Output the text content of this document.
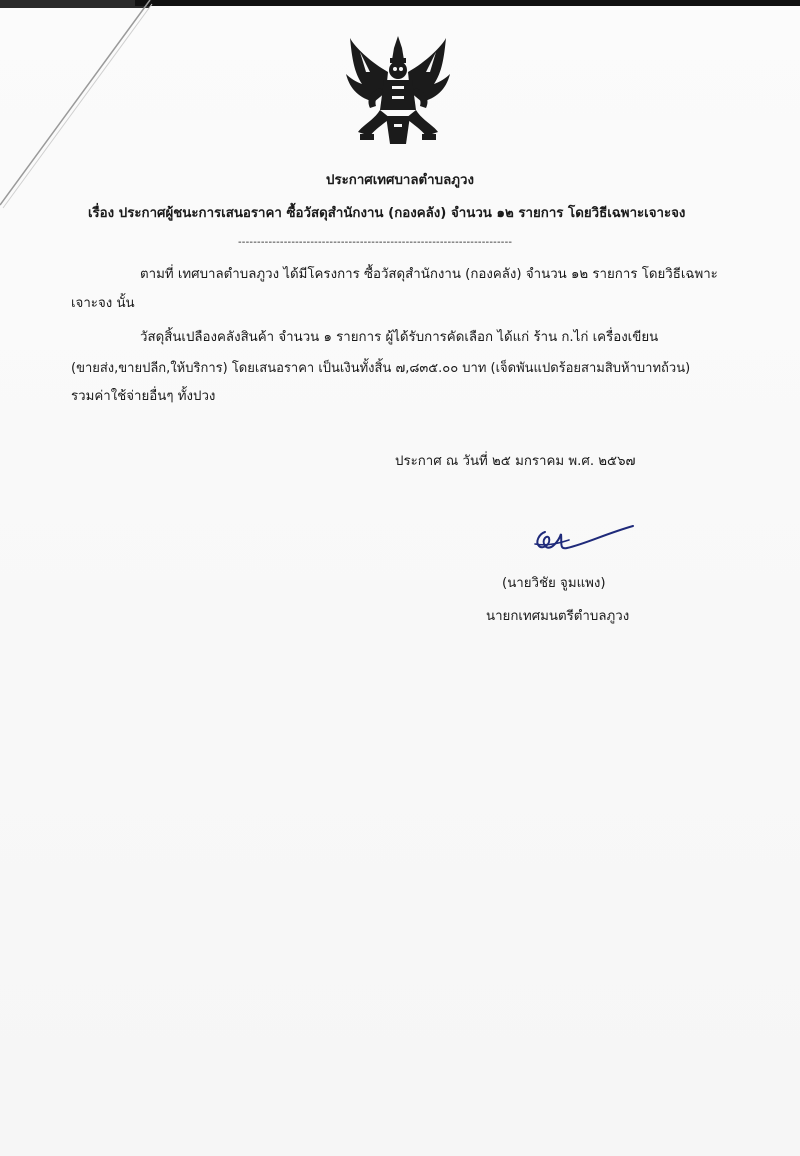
ประกาศเทศบาลตำบลภูวง
เรื่อง ประกาศผู้ชนะการเสนอราคา ซื้อวัสดุสำนักงาน (กองคลัง) จำนวน ๑๒ รายการ โดยวิธีเฉพาะเจาะจง
------------------------------------------------------------------------
ตามที่ เทศบาลตำบลภูวง ได้มีโครงการ ซื้อวัสดุสำนักงาน (กองคลัง) จำนวน ๑๒ รายการ โดยวิธีเฉพาะ
เจาะจง นั้น
วัสดุสิ้นเปลืองคลังสินค้า จำนวน ๑ รายการ ผู้ได้รับการคัดเลือก ได้แก่ ร้าน ก.ไก่ เครื่องเขียน
(ขายส่ง,ขายปลีก,ให้บริการ) โดยเสนอราคา เป็นเงินทั้งสิ้น ๗,๘๓๕.๐๐ บาท (เจ็ดพันแปดร้อยสามสิบห้าบาทถ้วน)
รวมค่าใช้จ่ายอื่นๆ ทั้งปวง
ประกาศ ณ วันที่ ๒๕ มกราคม พ.ศ. ๒๕๖๗
(นายวิชัย จูมแพง)
นายกเทศมนตรีตำบลภูวง
